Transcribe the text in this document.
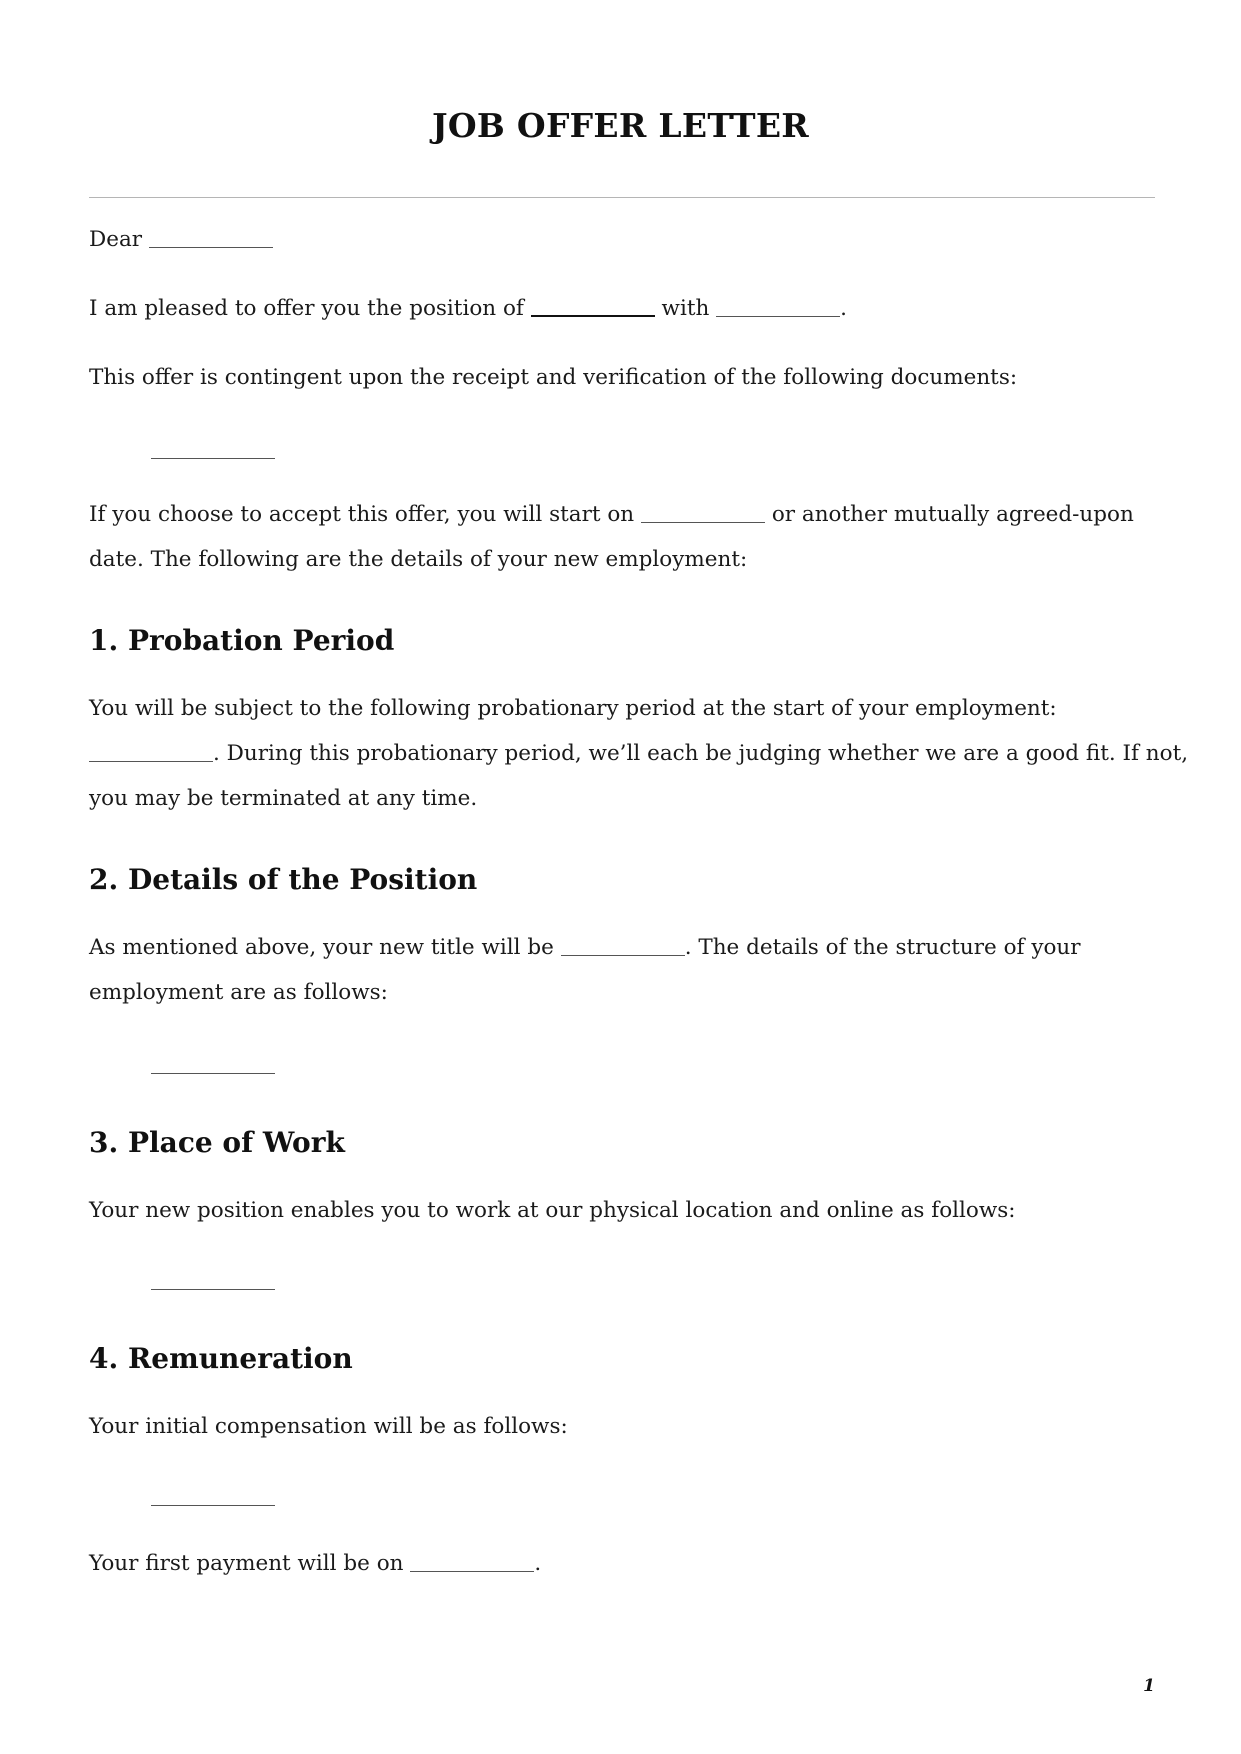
JOB OFFER LETTER
Dear
I am pleased to offer you the position of	with	.
This offer is contingent upon the receipt and verification of the following documents:
If you choose to accept this offer, you will start on	or another mutually agreed-upon
date. The following are the details of your new employment:
1. Probation Period
You will be subject to the following probationary period at the start of your employment:
. During this probationary period, we’ll each be judging whether we are a good fit. If not,
you may be terminated at any time.
2. Details of the Position
As mentioned above, your new title will be	. The details of the structure of your
employment are as follows:
3. Place of Work
Your new position enables you to work at our physical location and online as follows:
4. Remuneration
Your initial compensation will be as follows:
Your first payment will be on	.
1
